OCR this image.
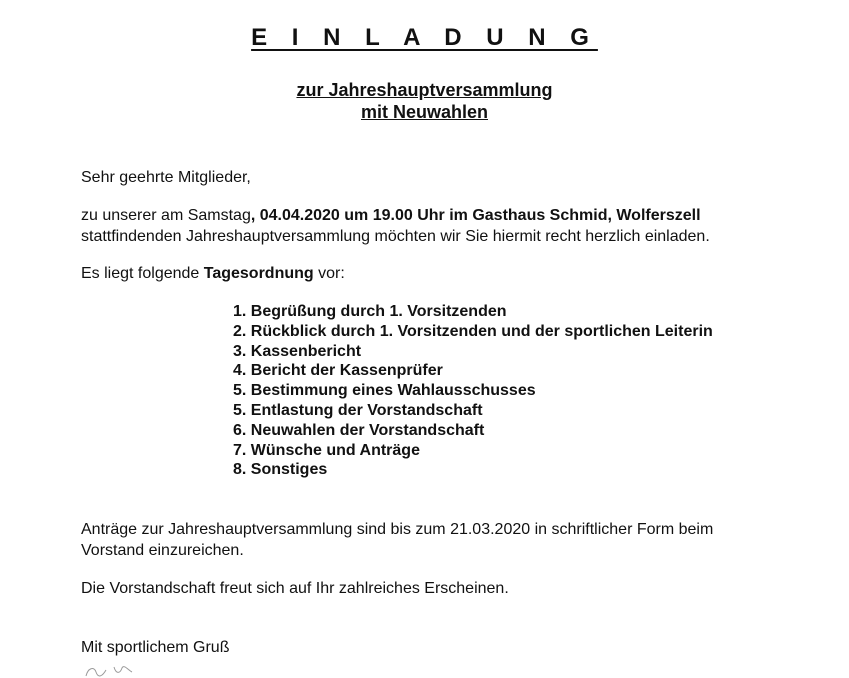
E I N L A D U N G
zur Jahreshauptversammlung
mit Neuwahlen
Sehr geehrte Mitglieder,
zu unserer am Samstag, 04.04.2020 um 19.00 Uhr im Gasthaus Schmid, Wolferszell
stattfindenden Jahreshauptversammlung möchten wir Sie hiermit recht herzlich einladen.
Es liegt folgende Tagesordnung vor:
1. Begrüßung durch 1. Vorsitzenden
2. Rückblick durch 1. Vorsitzenden und der sportlichen Leiterin
3. Kassenbericht
4. Bericht der Kassenprüfer
5. Bestimmung eines Wahlausschusses
5. Entlastung der Vorstandschaft
6. Neuwahlen der Vorstandschaft
7. Wünsche und Anträge
8. Sonstiges
Anträge zur Jahreshauptversammlung sind bis zum 21.03.2020 in schriftlicher Form beim
Vorstand einzureichen.
Die Vorstandschaft freut sich auf Ihr zahlreiches Erscheinen.
Mit sportlichem Gruß
